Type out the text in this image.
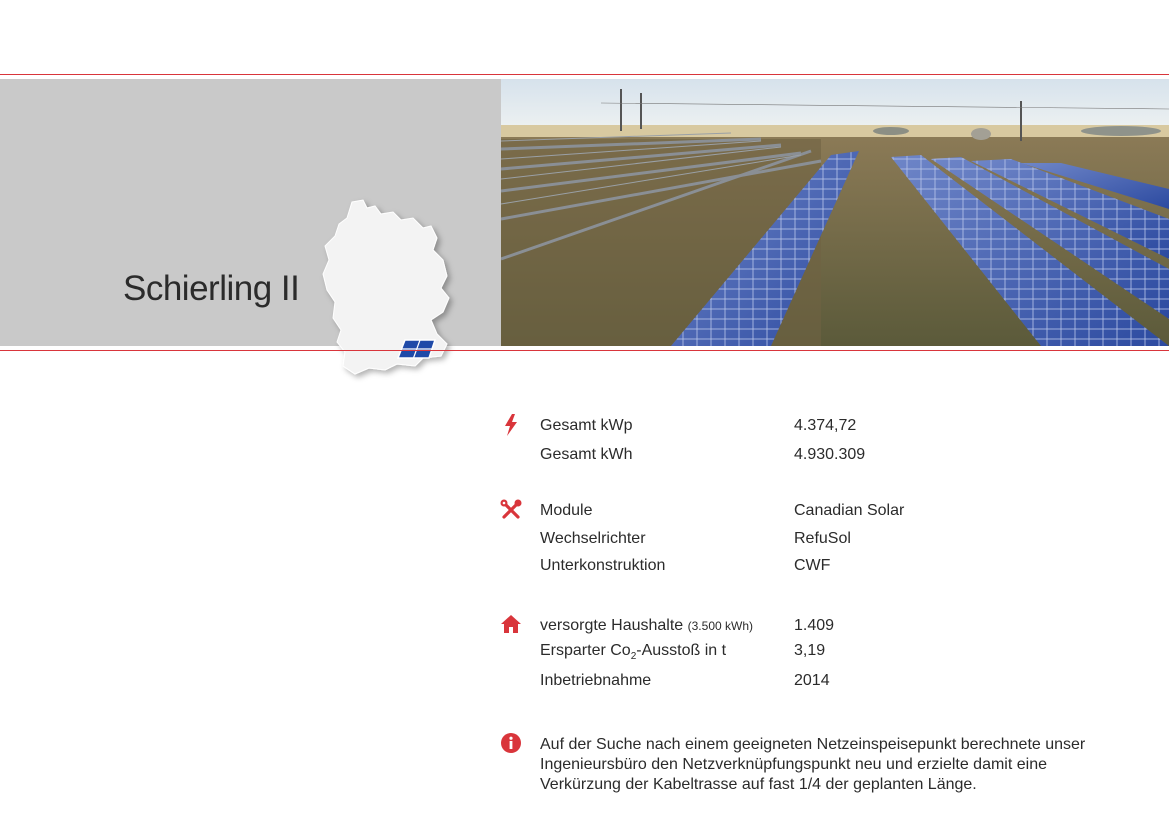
Schierling II
Gesamt kWp	4.374,72
Gesamt kWh	4.930.309
Module	Canadian Solar
Wechselrichter	RefuSol
Unterkonstruktion	CWF
versorgte Haushalte (3.500 kWh)	1.409
Ersparter $Co_2$-Ausstoß in t	3,19
Inbetriebnahme	2014
Auf der Suche nach einem geeigneten Netzeinspeisepunkt berechnete unser Ingenieursbüro den Netzverknüpfungspunkt neu und erzielte damit eine Verkürzung der Kabeltrasse auf fast 1/4 der geplanten Länge.
